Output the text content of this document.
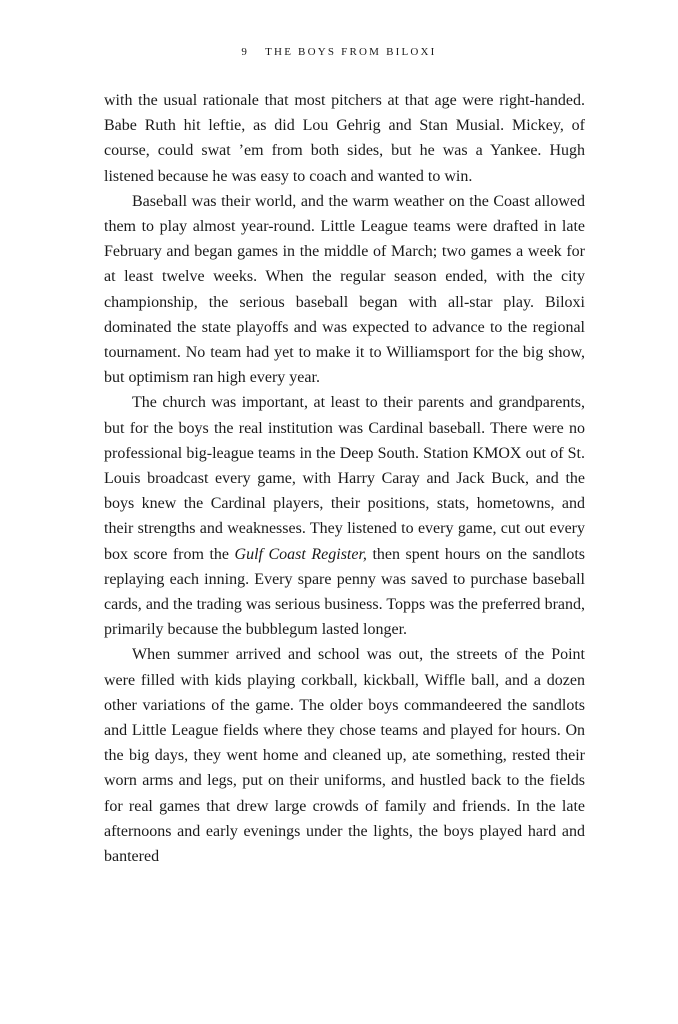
9 THE BOYS FROM BILOXI

with the usual rationale that most pitchers at that age were right-handed. Babe Ruth hit leftie, as did Lou Gehrig and Stan Musial. Mickey, of course, could swat ’em from both sides, but he was a Yankee. Hugh listened because he was easy to coach and wanted to win.

Baseball was their world, and the warm weather on the Coast allowed them to play almost year-round. Little League teams were drafted in late February and began games in the middle of March; two games a week for at least twelve weeks. When the regular season ended, with the city championship, the serious baseball began with all-star play. Biloxi dominated the state playoffs and was expected to advance to the regional tournament. No team had yet to make it to Williamsport for the big show, but optimism ran high every year.

The church was important, at least to their parents and grandparents, but for the boys the real institution was Cardinal baseball. There were no professional big-league teams in the Deep South. Station KMOX out of St. Louis broadcast every game, with Harry Caray and Jack Buck, and the boys knew the Cardinal players, their positions, stats, hometowns, and their strengths and weaknesses. They listened to every game, cut out every box score from the Gulf Coast Register, then spent hours on the sandlots replaying each inning. Every spare penny was saved to purchase baseball cards, and the trading was serious business. Topps was the preferred brand, primarily because the bubblegum lasted longer.

When summer arrived and school was out, the streets of the Point were filled with kids playing corkball, kickball, Wiffle ball, and a dozen other variations of the game. The older boys commandeered the sandlots and Little League fields where they chose teams and played for hours. On the big days, they went home and cleaned up, ate something, rested their worn arms and legs, put on their uniforms, and hustled back to the fields for real games that drew large crowds of family and friends. In the late afternoons and early evenings under the lights, the boys played hard and bantered
